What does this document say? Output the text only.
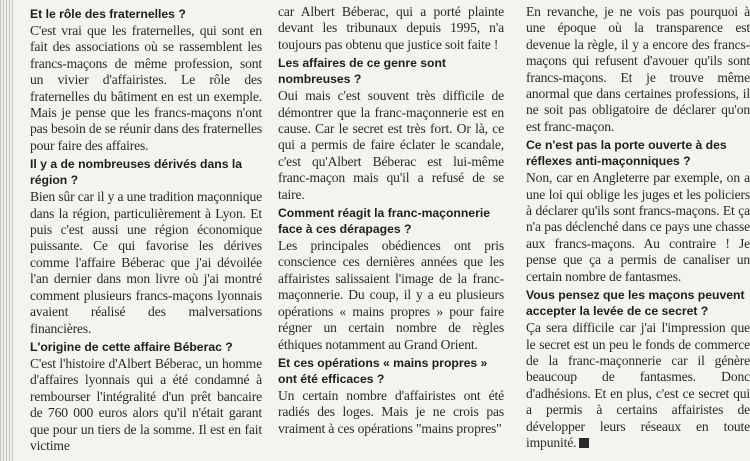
Et le rôle des fraternelles ?

C'est vrai que les fraternelles, qui sont en fait des associations où se rassemblent les francs-maçons de même profession, sont un vivier d'affairistes. Le rôle des fraternelles du bâtiment en est un exemple. Mais je pense que les francs-maçons n'ont pas besoin de se réunir dans des fraternelles pour faire des affaires.

Il y a de nombreuses dérivés dans la région ?

Bien sûr car il y a une tradition maçonnique dans la région, particulièrement à Lyon. Et puis c'est aussi une région économique puissante. Ce qui favorise les dérives comme l'affaire Béberac que j'ai dévoilée l'an dernier dans mon livre où j'ai montré comment plusieurs francs-maçons lyonnais avaient réalisé des malversations financières.

L'origine de cette affaire Béberac ?

C'est l'histoire d'Albert Béberac, un homme d'affaires lyonnais qui a été condamné à rembourser l'intégralité d'un prêt bancaire de 760 000 euros alors qu'il n'était garant que pour un tiers de la somme. Il est en fait victime

car Albert Béberac, qui a porté plainte devant les tribunaux depuis 1995, n'a toujours pas obtenu que justice soit faite !

Les affaires de ce genre sont nombreuses ?

Oui mais c'est souvent très difficile de démontrer que la franc-maçonnerie est en cause. Car le secret est très fort. Or là, ce qui a permis de faire éclater le scandale, c'est qu'Albert Béberac est lui-même franc-maçon mais qu'il a refusé de se taire.

Comment réagit la franc-maçonnerie face à ces dérapages ?

Les principales obédiences ont pris conscience ces dernières années que les affairistes salissaient l'image de la franc-maçonnerie. Du coup, il y a eu plusieurs opérations « mains propres » pour faire régner un certain nombre de règles éthiques notamment au Grand Orient.

Et ces opérations « mains propres » ont été efficaces ?

Un certain nombre d'affairistes ont été radiés des loges. Mais je ne crois pas vraiment à ces opérations "mains propres"

En revanche, je ne vois pas pourquoi à une époque où la transparence est devenue la règle, il y a encore des francs-maçons qui refusent d'avouer qu'ils sont francs-maçons. Et je trouve même anormal que dans certaines professions, il ne soit pas obligatoire de déclarer qu'on est franc-maçon.

Ce n'est pas la porte ouverte à des réflexes anti-maçonniques ?

Non, car en Angleterre par exemple, on a une loi qui oblige les juges et les policiers à déclarer qu'ils sont francs-maçons. Et ça n'a pas déclenché dans ce pays une chasse aux francs-maçons. Au contraire ! Je pense que ça a permis de canaliser un certain nombre de fantasmes.

Vous pensez que les maçons peuvent accepter la levée de ce secret ?

Ça sera difficile car j'ai l'impression que le secret est un peu le fonds de commerce de la franc-maçonnerie car il génère beaucoup de fantasmes. Donc d'adhésions. Et en plus, c'est ce secret qui a permis à certains affairistes de développer leurs réseaux en toute impunité.
